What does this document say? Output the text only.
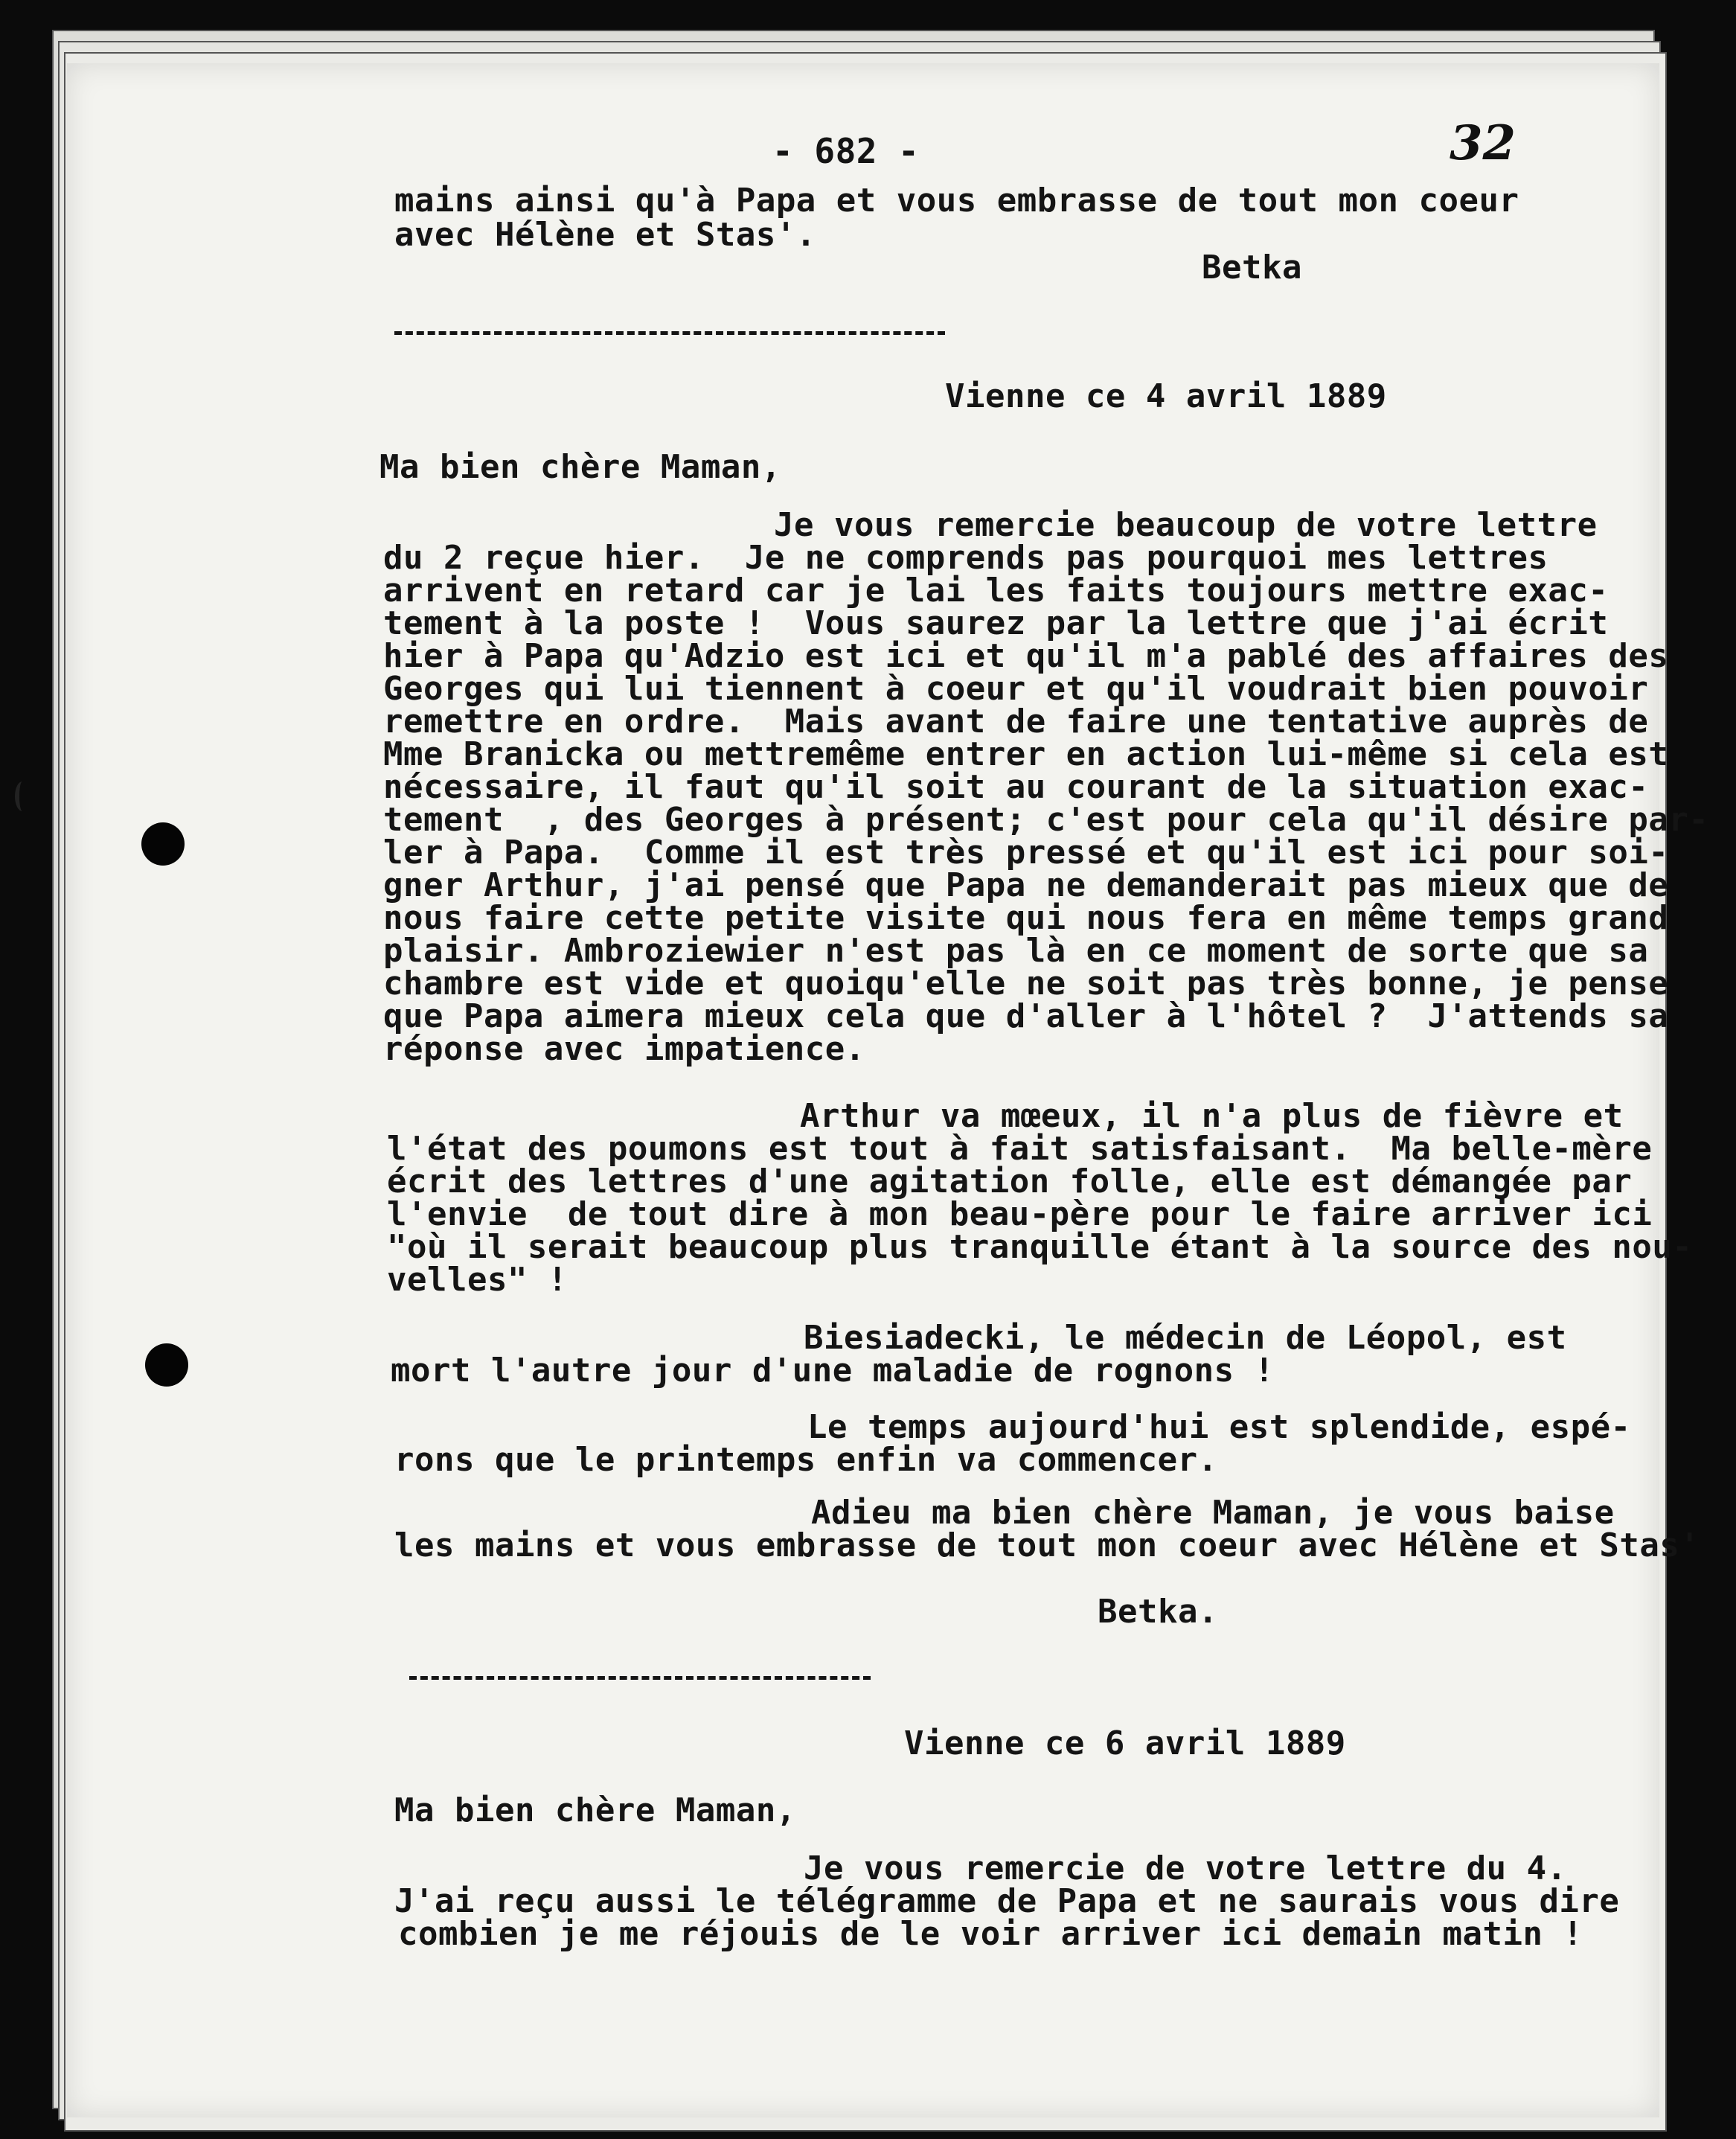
- 682 -	32
mains ainsi qu'à Papa et vous embrasse de tout mon coeur
avec Hélène et Stas'.
Betka
Vienne ce 4 avril 1889
Ma bien chère Maman,
Je vous remercie beaucoup de votre lettre
du 2 reçue hier.  Je ne comprends pas pourquoi mes lettres
arrivent en retard car je lai les faits toujours mettre exac-
tement à la poste !  Vous saurez par la lettre que j'ai écrit
hier à Papa qu'Adzio est ici et qu'il m'a pablé des affaires des
Georges qui lui tiennent à coeur et qu'il voudrait bien pouvoir
remettre en ordre.  Mais avant de faire une tentative auprès de
Mme Branicka ou mettremême entrer en action lui-même si cela est
nécessaire, il faut qu'il soit au courant de la situation exac-
tement  , des Georges à présent; c'est pour cela qu'il désire par-
ler à Papa.  Comme il est très pressé et qu'il est ici pour soi-
gner Arthur, j'ai pensé que Papa ne demanderait pas mieux que de
nous faire cette petite visite qui nous fera en même temps grand
plaisir. Ambroziewier n'est pas là en ce moment de sorte que sa
chambre est vide et quoiqu'elle ne soit pas très bonne, je pense
que Papa aimera mieux cela que d'aller à l'hôtel ?  J'attends sa
réponse avec impatience.
Arthur va mœeux, il n'a plus de fièvre et
l'état des poumons est tout à fait satisfaisant.  Ma belle-mère
écrit des lettres d'une agitation folle, elle est démangée par
l'envie  de tout dire à mon beau-père pour le faire arriver ici
"où il serait beaucoup plus tranquille étant à la source des nou-
velles" !
Biesiadecki, le médecin de Léopol, est
mort l'autre jour d'une maladie de rognons !
Le temps aujourd'hui est splendide, espé-
rons que le printemps enfin va commencer.
Adieu ma bien chère Maman, je vous baise
les mains et vous embrasse de tout mon coeur avec Hélène et Stas'
Betka.
Vienne ce 6 avril 1889
Ma bien chère Maman,
Je vous remercie de votre lettre du 4.
J'ai reçu aussi le télégramme de Papa et ne saurais vous dire
combien je me réjouis de le voir arriver ici demain matin !
